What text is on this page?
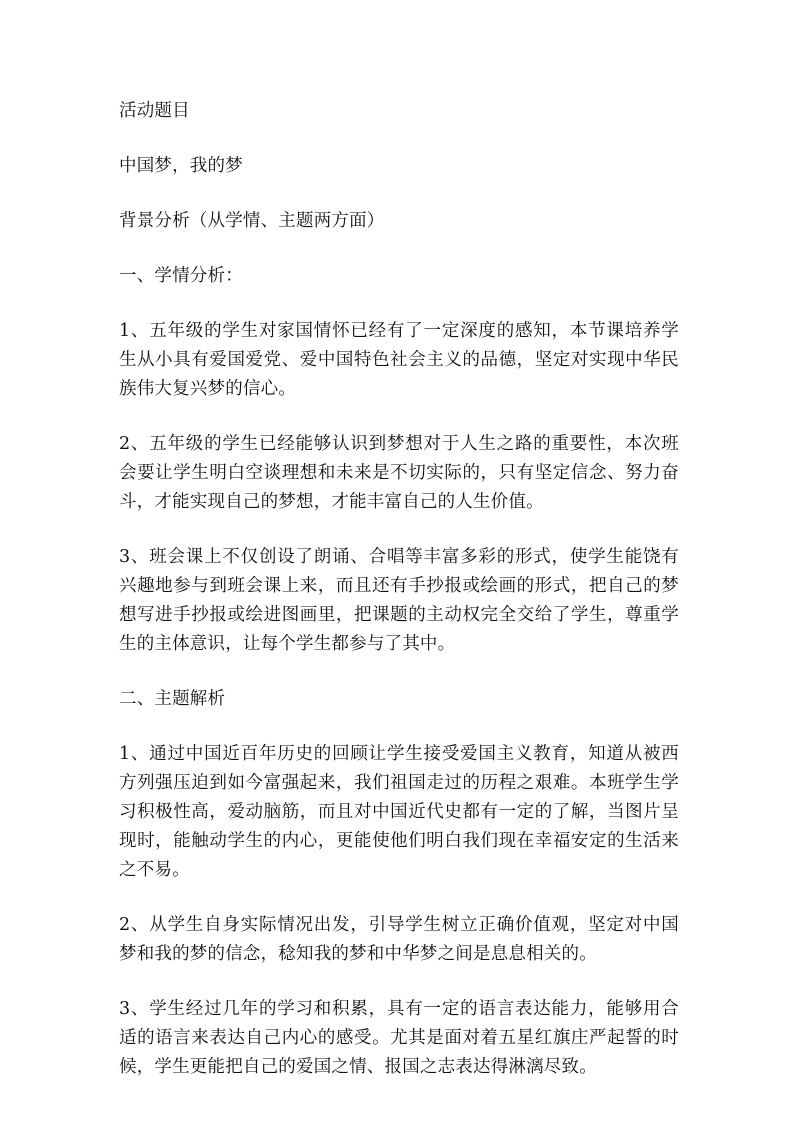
活动题目

中国梦，我的梦

背景分析（从学情、主题两方面）

一、学情分析：

1、五年级的学生对家国情怀已经有了一定深度的感知，本节课培养学生从小具有爱国爱党、爱中国特色社会主义的品德，坚定对实现中华民族伟大复兴梦的信心。

2、五年级的学生已经能够认识到梦想对于人生之路的重要性，本次班会要让学生明白空谈理想和未来是不切实际的，只有坚定信念、努力奋斗，才能实现自己的梦想，才能丰富自己的人生价值。

3、班会课上不仅创设了朗诵、合唱等丰富多彩的形式，使学生能饶有兴趣地参与到班会课上来，而且还有手抄报或绘画的形式，把自己的梦想写进手抄报或绘进图画里，把课题的主动权完全交给了学生，尊重学生的主体意识，让每个学生都参与了其中。

二、主题解析

1、通过中国近百年历史的回顾让学生接受爱国主义教育，知道从被西方列强压迫到如今富强起来，我们祖国走过的历程之艰难。本班学生学习积极性高，爱动脑筋，而且对中国近代史都有一定的了解，当图片呈现时，能触动学生的内心，更能使他们明白我们现在幸福安定的生活来之不易。

2、从学生自身实际情况出发，引导学生树立正确价值观，坚定对中国梦和我的梦的信念，稔知我的梦和中华梦之间是息息相关的。

3、学生经过几年的学习和积累，具有一定的语言表达能力，能够用合适的语言来表达自己内心的感受。尤其是面对着五星红旗庄严起誓的时候，学生更能把自己的爱国之情、报国之志表达得淋漓尽致。
